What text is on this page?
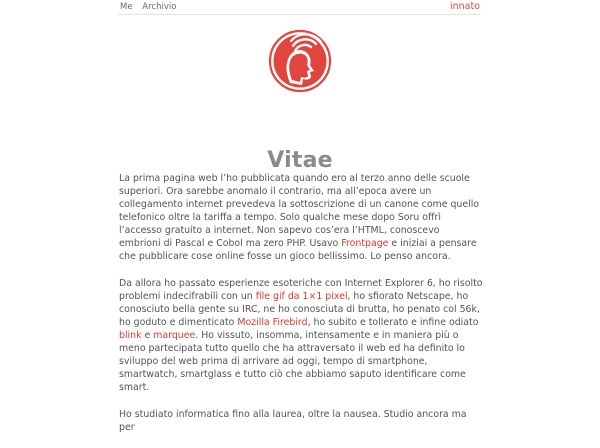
Me Archivio	innato
Vitae

La prima pagina web l’ho pubblicata quando ero al terzo anno delle scuole superiori. Ora sarebbe anomalo il contrario, ma all’epoca avere un collegamento internet prevedeva la sottoscrizione di un canone come quello telefonico oltre la tariffa a tempo. Solo qualche mese dopo Soru offrì l’accesso gratuito a internet. Non sapevo cos’era l’HTML, conoscevo embrioni di Pascal e Cobol ma zero PHP. Usavo Frontpage e iniziai a pensare che pubblicare cose online fosse un gioco bellissimo. Lo penso ancora.

Da allora ho passato esperienze esoteriche con Internet Explorer 6, ho risolto problemi indecifrabili con un file gif da 1×1 pixel, ho sfiorato Netscape, ho conosciuto bella gente su IRC, ne ho conosciuta di brutta, ho penato col 56k, ho goduto e dimenticato Mozilla Firebird, ho subito e tollerato e infine odiato blink e marquee. Ho vissuto, insomma, intensamente e in maniera più o meno partecipata tutto quello che ha attraversato il web ed ha definito lo sviluppo del web prima di arrivare ad oggi, tempo di smartphone, smartwatch, smartglass e tutto ciò che abbiamo saputo identificare come smart.

Ho studiato informatica fino alla laurea, oltre la nausea. Studio ancora ma per
